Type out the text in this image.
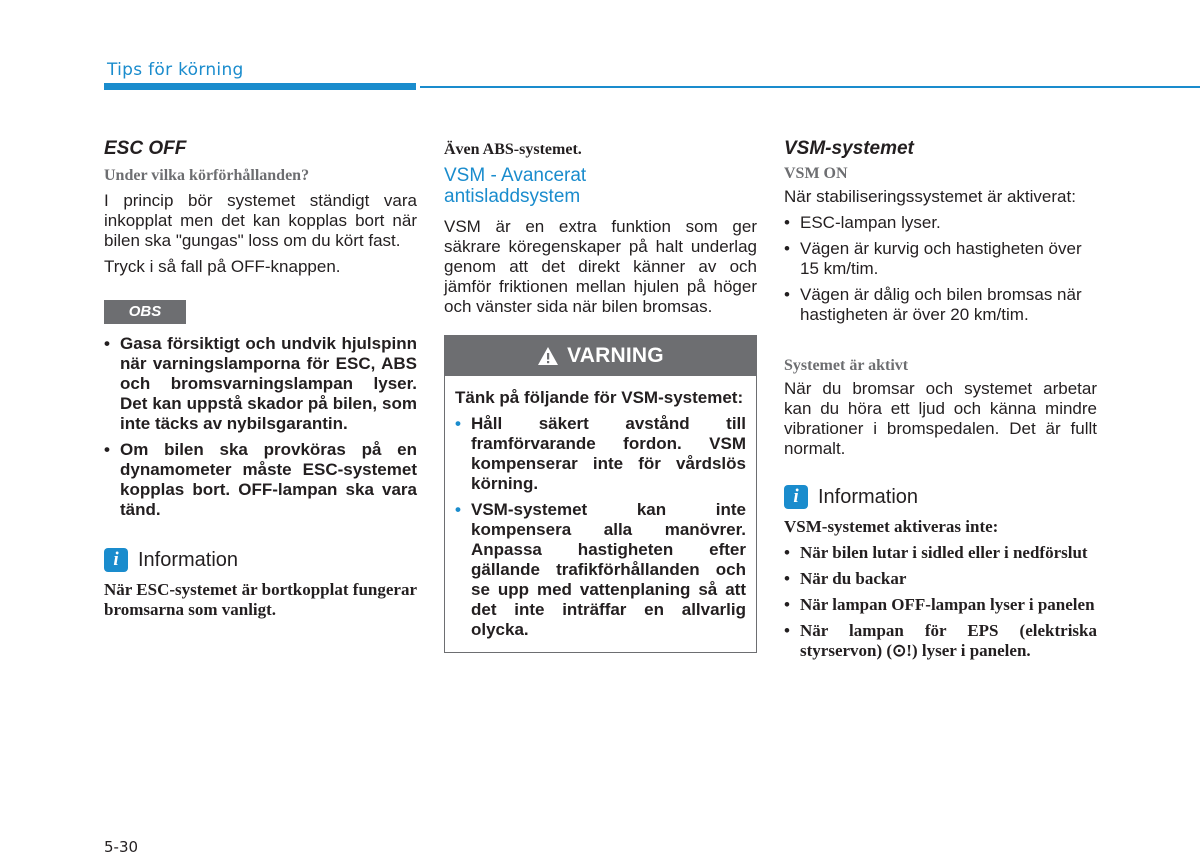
Tips för körning
ESC OFF
Under vilka körförhållanden?

I princip bör systemet ständigt vara inkopplat men det kan kopplas bort när bilen ska "gungas" loss om du kört fast.

Tryck i så fall på OFF-knappen.

OBS
• Gasa försiktigt och undvik hjulspinn när varningslamporna för ESC, ABS och bromsvarningslampan lyser. Det kan uppstå skador på bilen, som inte täcks av nybilsgarantin.
• Om bilen ska provköras på en dynamometer måste ESC-systemet kopplas bort. OFF-lampan ska vara tänd.
i Information

När ESC-systemet är bortkopplat fungerar bromsarna som vanligt.

Även ABS-systemet.
VSM - Avancerat
antisladdsystem

VSM är en extra funktion som ger säkrare köregenskaper på halt underlag genom att det direkt känner av och jämför friktionen mellan hjulen på höger och vänster sida när bilen bromsas.

VARNING

Tänk på följande för VSM-systemet:

• Håll säkert avstånd till framförvarande fordon. VSM kompenserar inte för vårdslös körning.
• VSM-systemet kan inte kompensera alla manövrer. Anpassa hastigheten efter gällande trafikförhållanden och se upp med vattenplaning så att det inte inträffar en allvarlig olycka.
VSM-systemet
VSM ON

När stabiliseringssystemet är aktiverat:

• ESC-lampan lyser.
• Vägen är kurvig och hastigheten över 15 km/tim.
• Vägen är dålig och bilen bromsas när hastigheten är över 20 km/tim.
Systemet är aktivt

När du bromsar och systemet arbetar kan du höra ett ljud och känna mindre vibrationer i bromspedalen. Det är fullt normalt.

i Information
VSM-systemet aktiveras inte:
• När bilen lutar i sidled eller i nedförslut
• När du backar
• När lampan OFF-lampan lyser i panelen
• När lampan för EPS (elektriska styrservon) (⊙!) lyser i panelen.
5-30
